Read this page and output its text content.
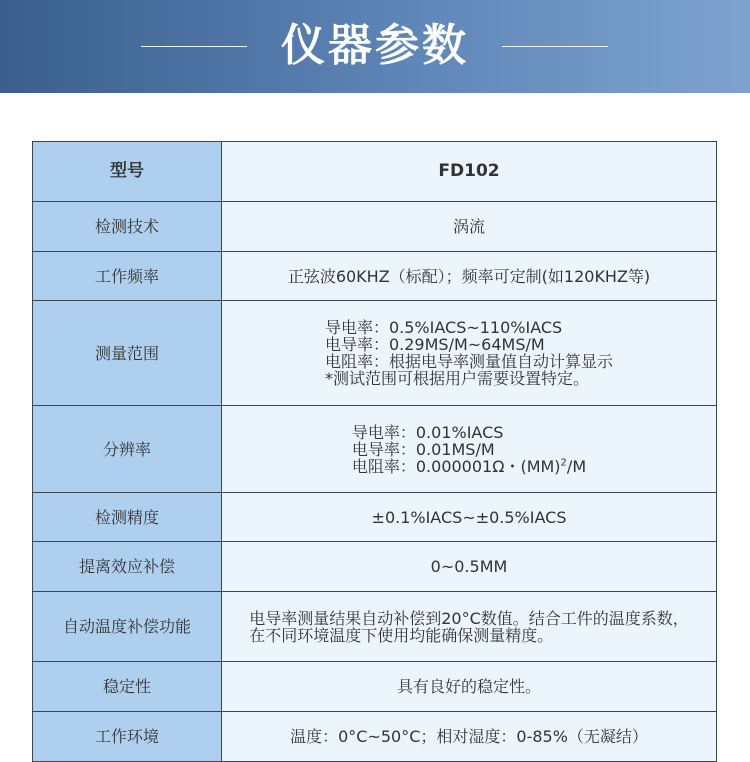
仪器参数
型号	FD102
检测技术	涡流
工作频率	正弦波60KHZ（标配）；频率可定制(如120KHZ等)
测量范围	导电率：0.5%IACS~110%IACS
电导率：0.29MS/M~64MS/M
电阻率：根据电导率测量值自动计算显示
*测试范围可根据用户需要设置特定。

分辨率	导电率：0.01%IACS
电导率：0.01MS/M
电阻率：0.000001Ω・(MM)$^2$/M

检测精度	±0.1%IACS~±0.5%IACS
提离效应补偿	0~0.5MM
自动温度补偿功能	电导率测量结果自动补偿到20°C数值。结合工件的温度系数，
在不同环境温度下使用均能确保测量精度。

稳定性	具有良好的稳定性。
工作环境	温度：0°C~50°C；相对湿度：0-85%（无凝结）
